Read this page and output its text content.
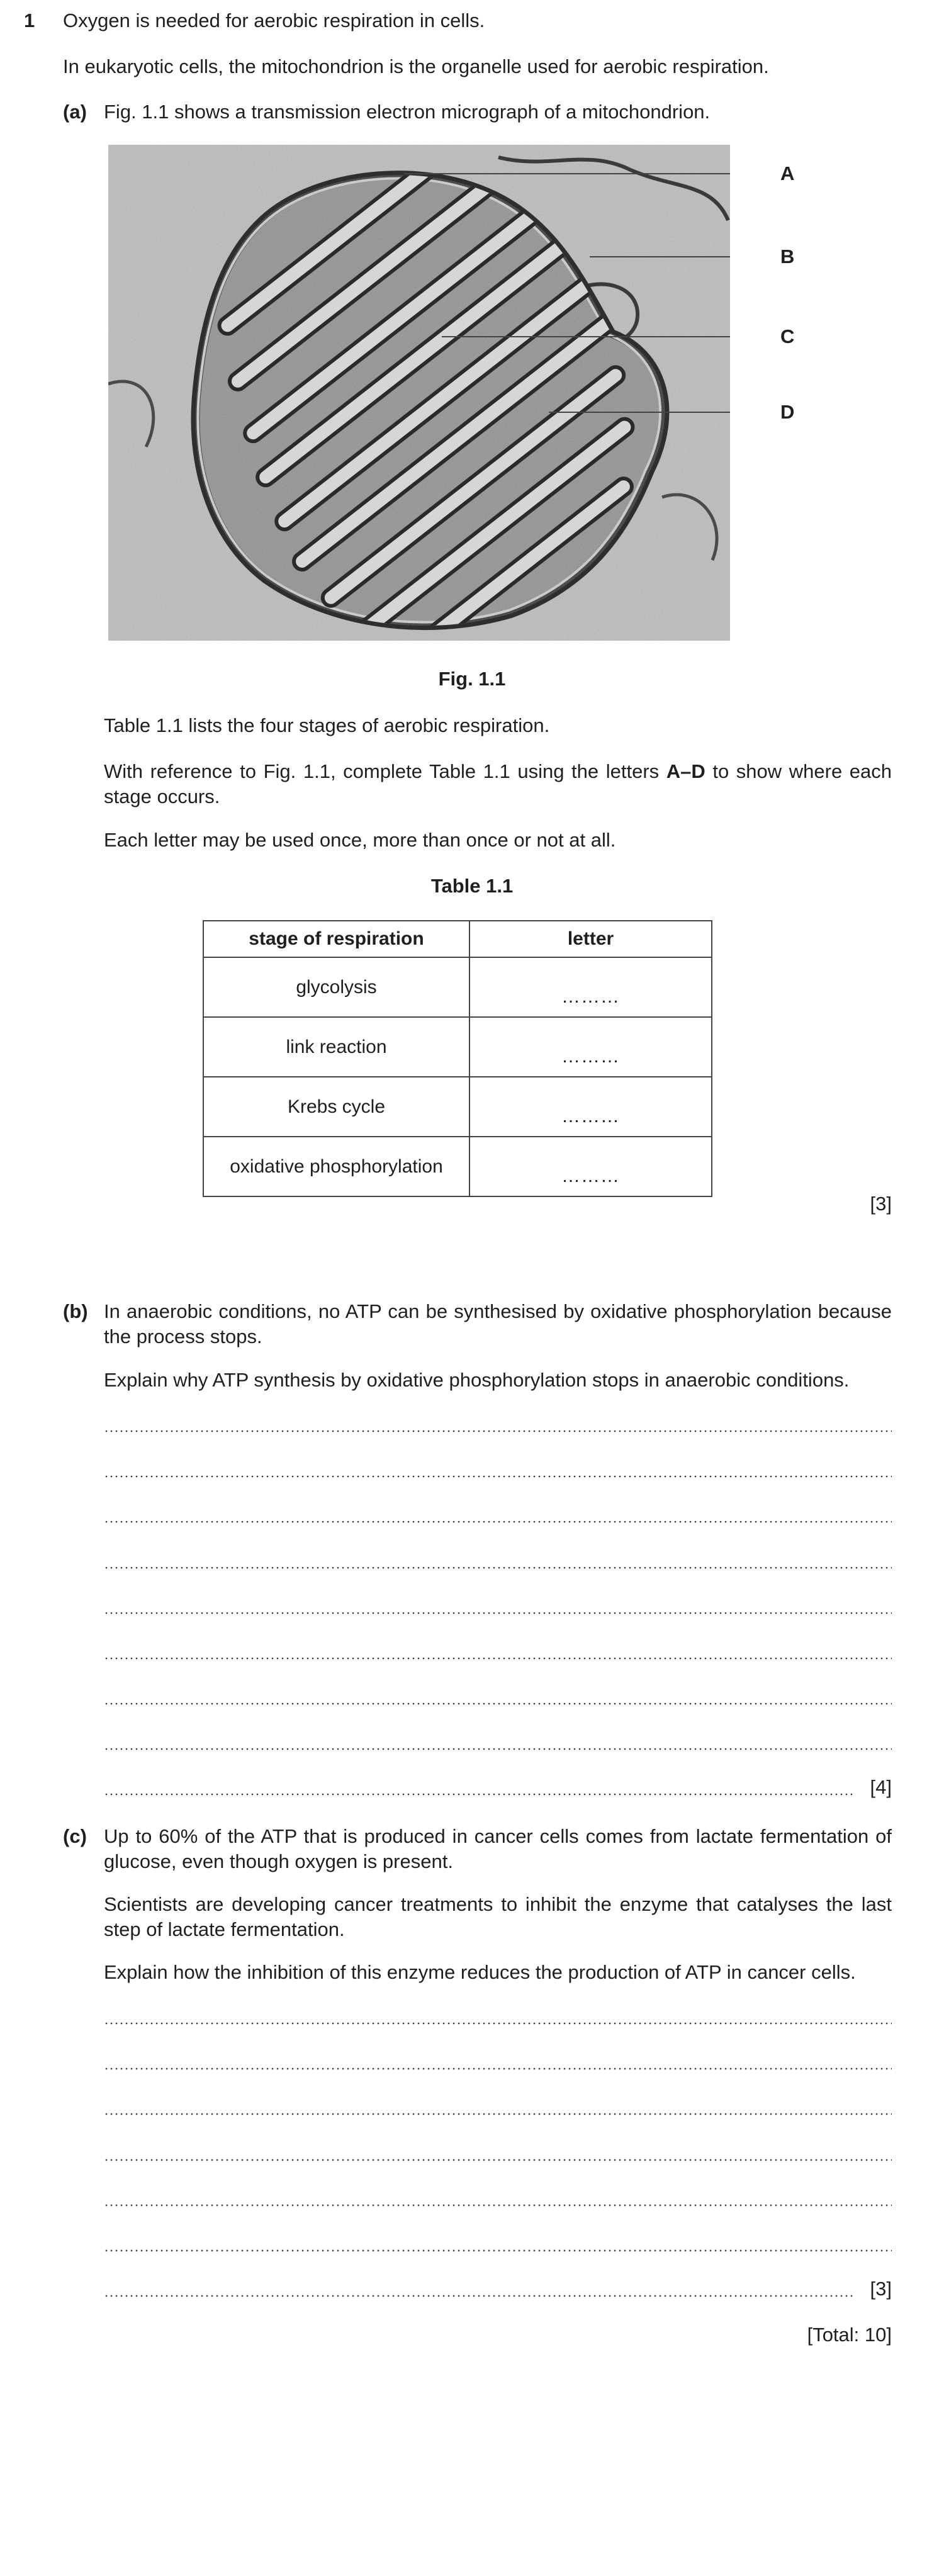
1 Oxygen is needed for aerobic respiration in cells.

In eukaryotic cells, the mitochondrion is the organelle used for aerobic respiration.

(a) Fig. 1.1 shows a transmission electron micrograph of a mitochondrion.

A
B
C
D

Fig. 1.1

Table 1.1 lists the four stages of aerobic respiration.

With reference to Fig. 1.1, complete Table 1.1 using the letters A–D to show where each stage occurs.

Each letter may be used once, more than once or not at all.

Table 1.1

stage of respiration	letter
glycolysis	………

link reaction	………

Krebs cycle	………

oxidative phosphorylation	………
[3]

(b) In anaerobic conditions, no ATP can be synthesised by oxidative phosphorylation because the process stops.

Explain why ATP synthesis by oxidative phosphorylation stops in anaerobic conditions.

[4]

(c) Up to 60% of the ATP that is produced in cancer cells comes from lactate fermentation of glucose, even though oxygen is present.

Scientists are developing cancer treatments to inhibit the enzyme that catalyses the last step of lactate fermentation.

Explain how the inhibition of this enzyme reduces the production of ATP in cancer cells.

[3]
[Total: 10]
